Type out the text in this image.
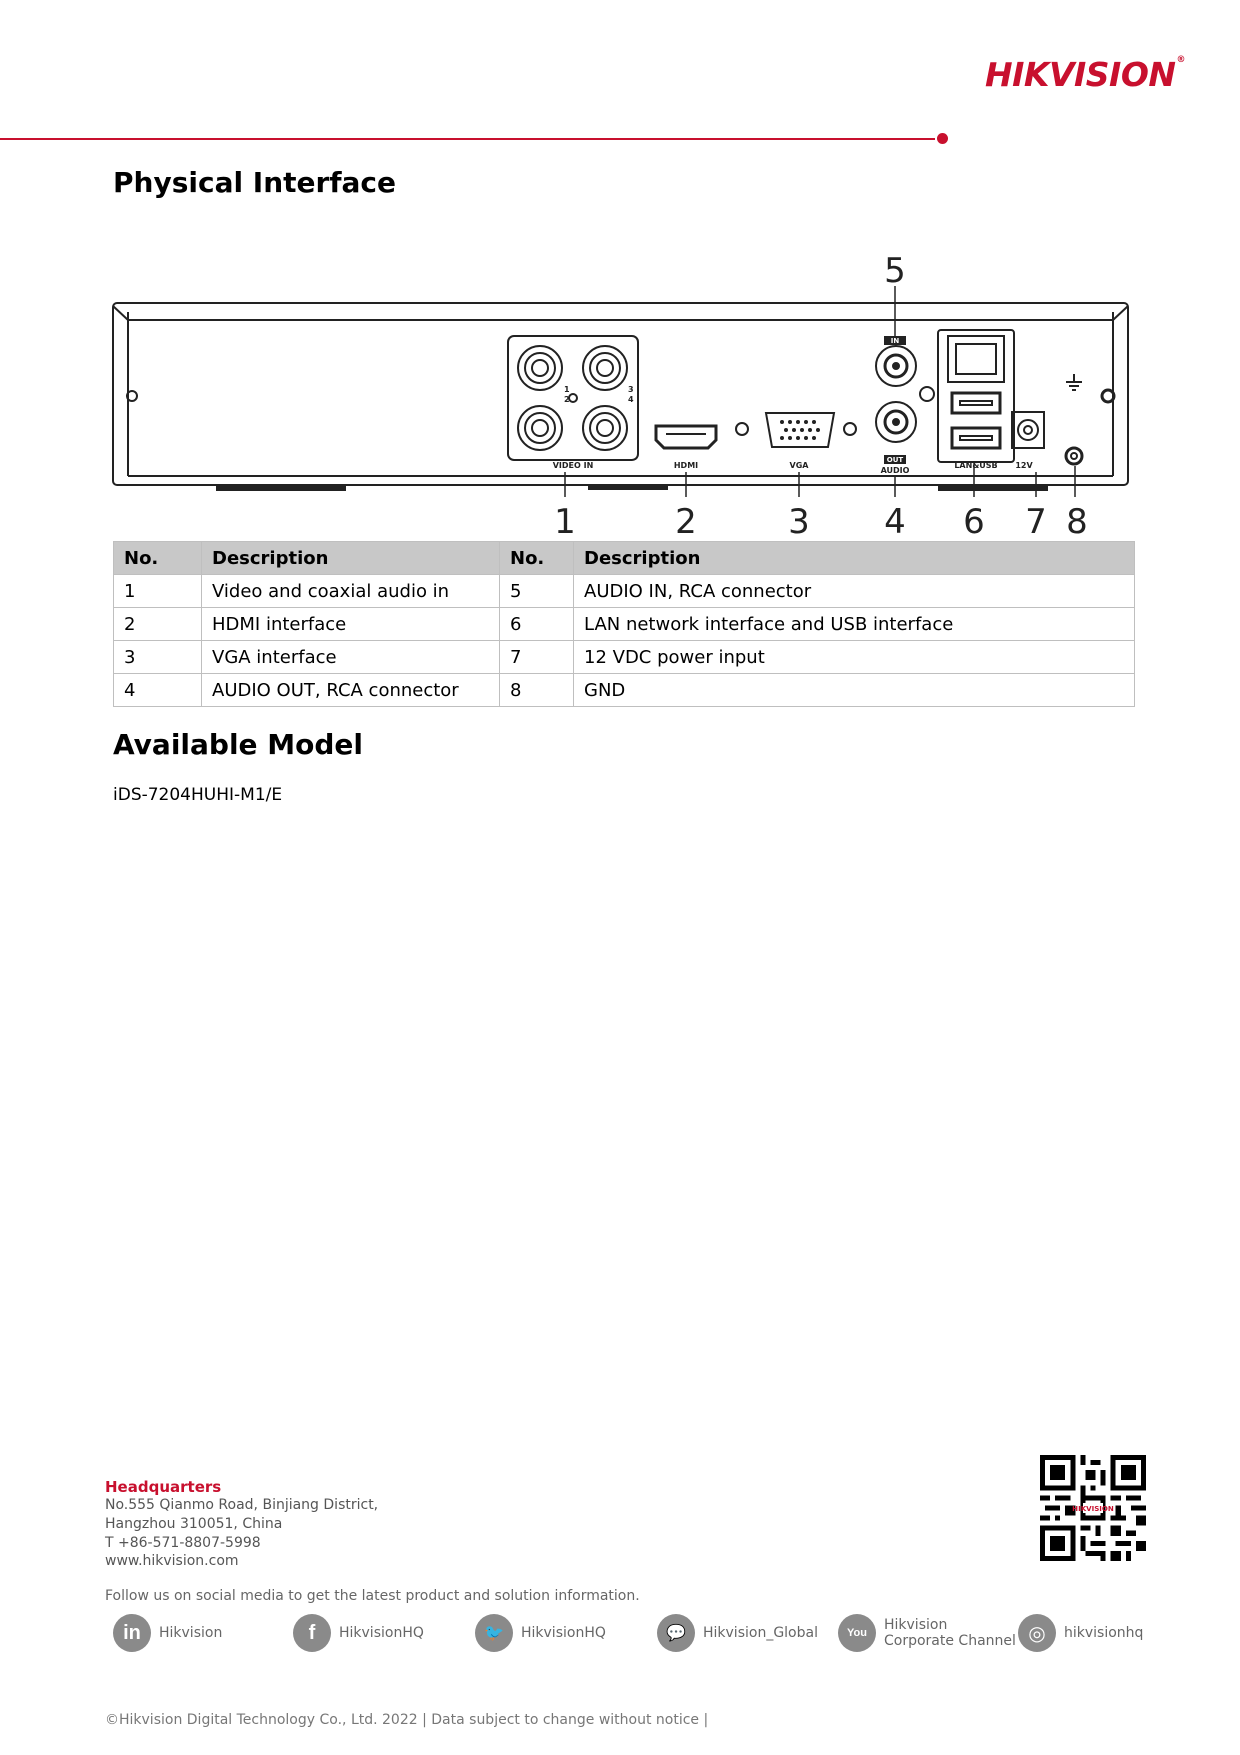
HIKVISION®
Physical Interface
1
2
3
4
VIDEO IN	HDMI	VGA
IN
OUT
AUDIO
LAN&USB 12V
1	2	3 4
5
6 7 8
No.	Description	No.	Description
1	Video and coaxial audio in	5	AUDIO IN, RCA connector
2	HDMI interface	6	LAN network interface and USB interface
3	VGA interface	7	12 VDC power input
4	AUDIO OUT, RCA connector	8	GND
Available Model
iDS-7204HUHI-M1/E
Headquarters
No.555 Qianmo Road, Binjiang District,
Hangzhou 310051, China
T +86-571-8807-5998
www.hikvision.com
HIKVISION
Follow us on social media to get the latest product and solution information.
in	Hikvision	f	HikvisionHQ	🐦	HikvisionHQ	💬	Hikvision_Global	You	Hikvision
Corporate Channel ◎	hikvisionhq
©Hikvision Digital Technology Co., Ltd. 2022 | Data subject to change without notice |
